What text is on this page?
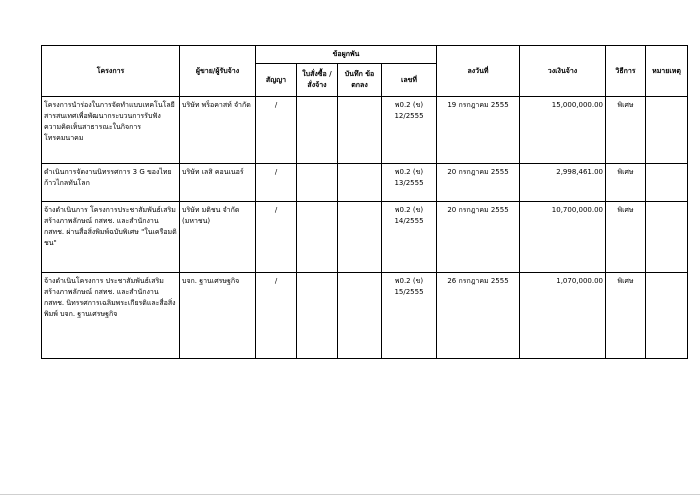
โครงการ	ผู้ขาย/ผู้รับจ้าง	ข้อผูกพัน				ลงวันที่	วงเงินจ้าง	วิธีการ	หมายเหตุ
		สัญญา	ใบสั่งซื้อ /สั่งจ้าง	บันทึก ข้อตกลง	เลขที่				
โครงการนำร่องในการจัดทำแบบเทคโนโลยีสารสนเทศเพื่อพัฒนากระบวนการรับฟังความคิดเห็นสาธารณะในกิจการโทรคมนาคม	บริษัท พร็อคาสท์ จำกัด	/			พ0.2 (ข) 12/2555	19 กรกฎาคม 2555	15,000,000.00	พิเศษ	
ดำเนินการจัดงานนิทรรศการ 3 G ของไทย ก้าวไกลทันโลก	บริษัท เลสิ คอนเนอร์	/			พ0.2 (ข) 13/2555	20 กรกฎาคม 2555	2,998,461.00	พิเศษ	
จ้างดำเนินการ โครงการประชาสัมพันธ์เสริมสร้างภาพลักษณ์ กสทช. และสำนักงาน กสทช. ผ่านสื่อสิ่งพิมพ์ฉบับพิเศษ "ในเครือมติชน"	บริษัท มติชน จำกัด (มหาชน)	/			พ0.2 (ข) 14/2555	20 กรกฎาคม 2555	10,700,000.00	พิเศษ	
จ้างดำเนินโครงการ ประชาสัมพันธ์เสริมสร้างภาพลักษณ์ กสทช. และสำนักงาน กสทช. นิทรรศการเฉลิมพระเกียรติและสื่อสิ่งพิมพ์ บจก. ฐานเศรษฐกิจ	บจก. ฐานเศรษฐกิจ	/			พ0.2 (ข) 15/2555	26 กรกฎาคม 2555	1,070,000.00	พิเศษ	
